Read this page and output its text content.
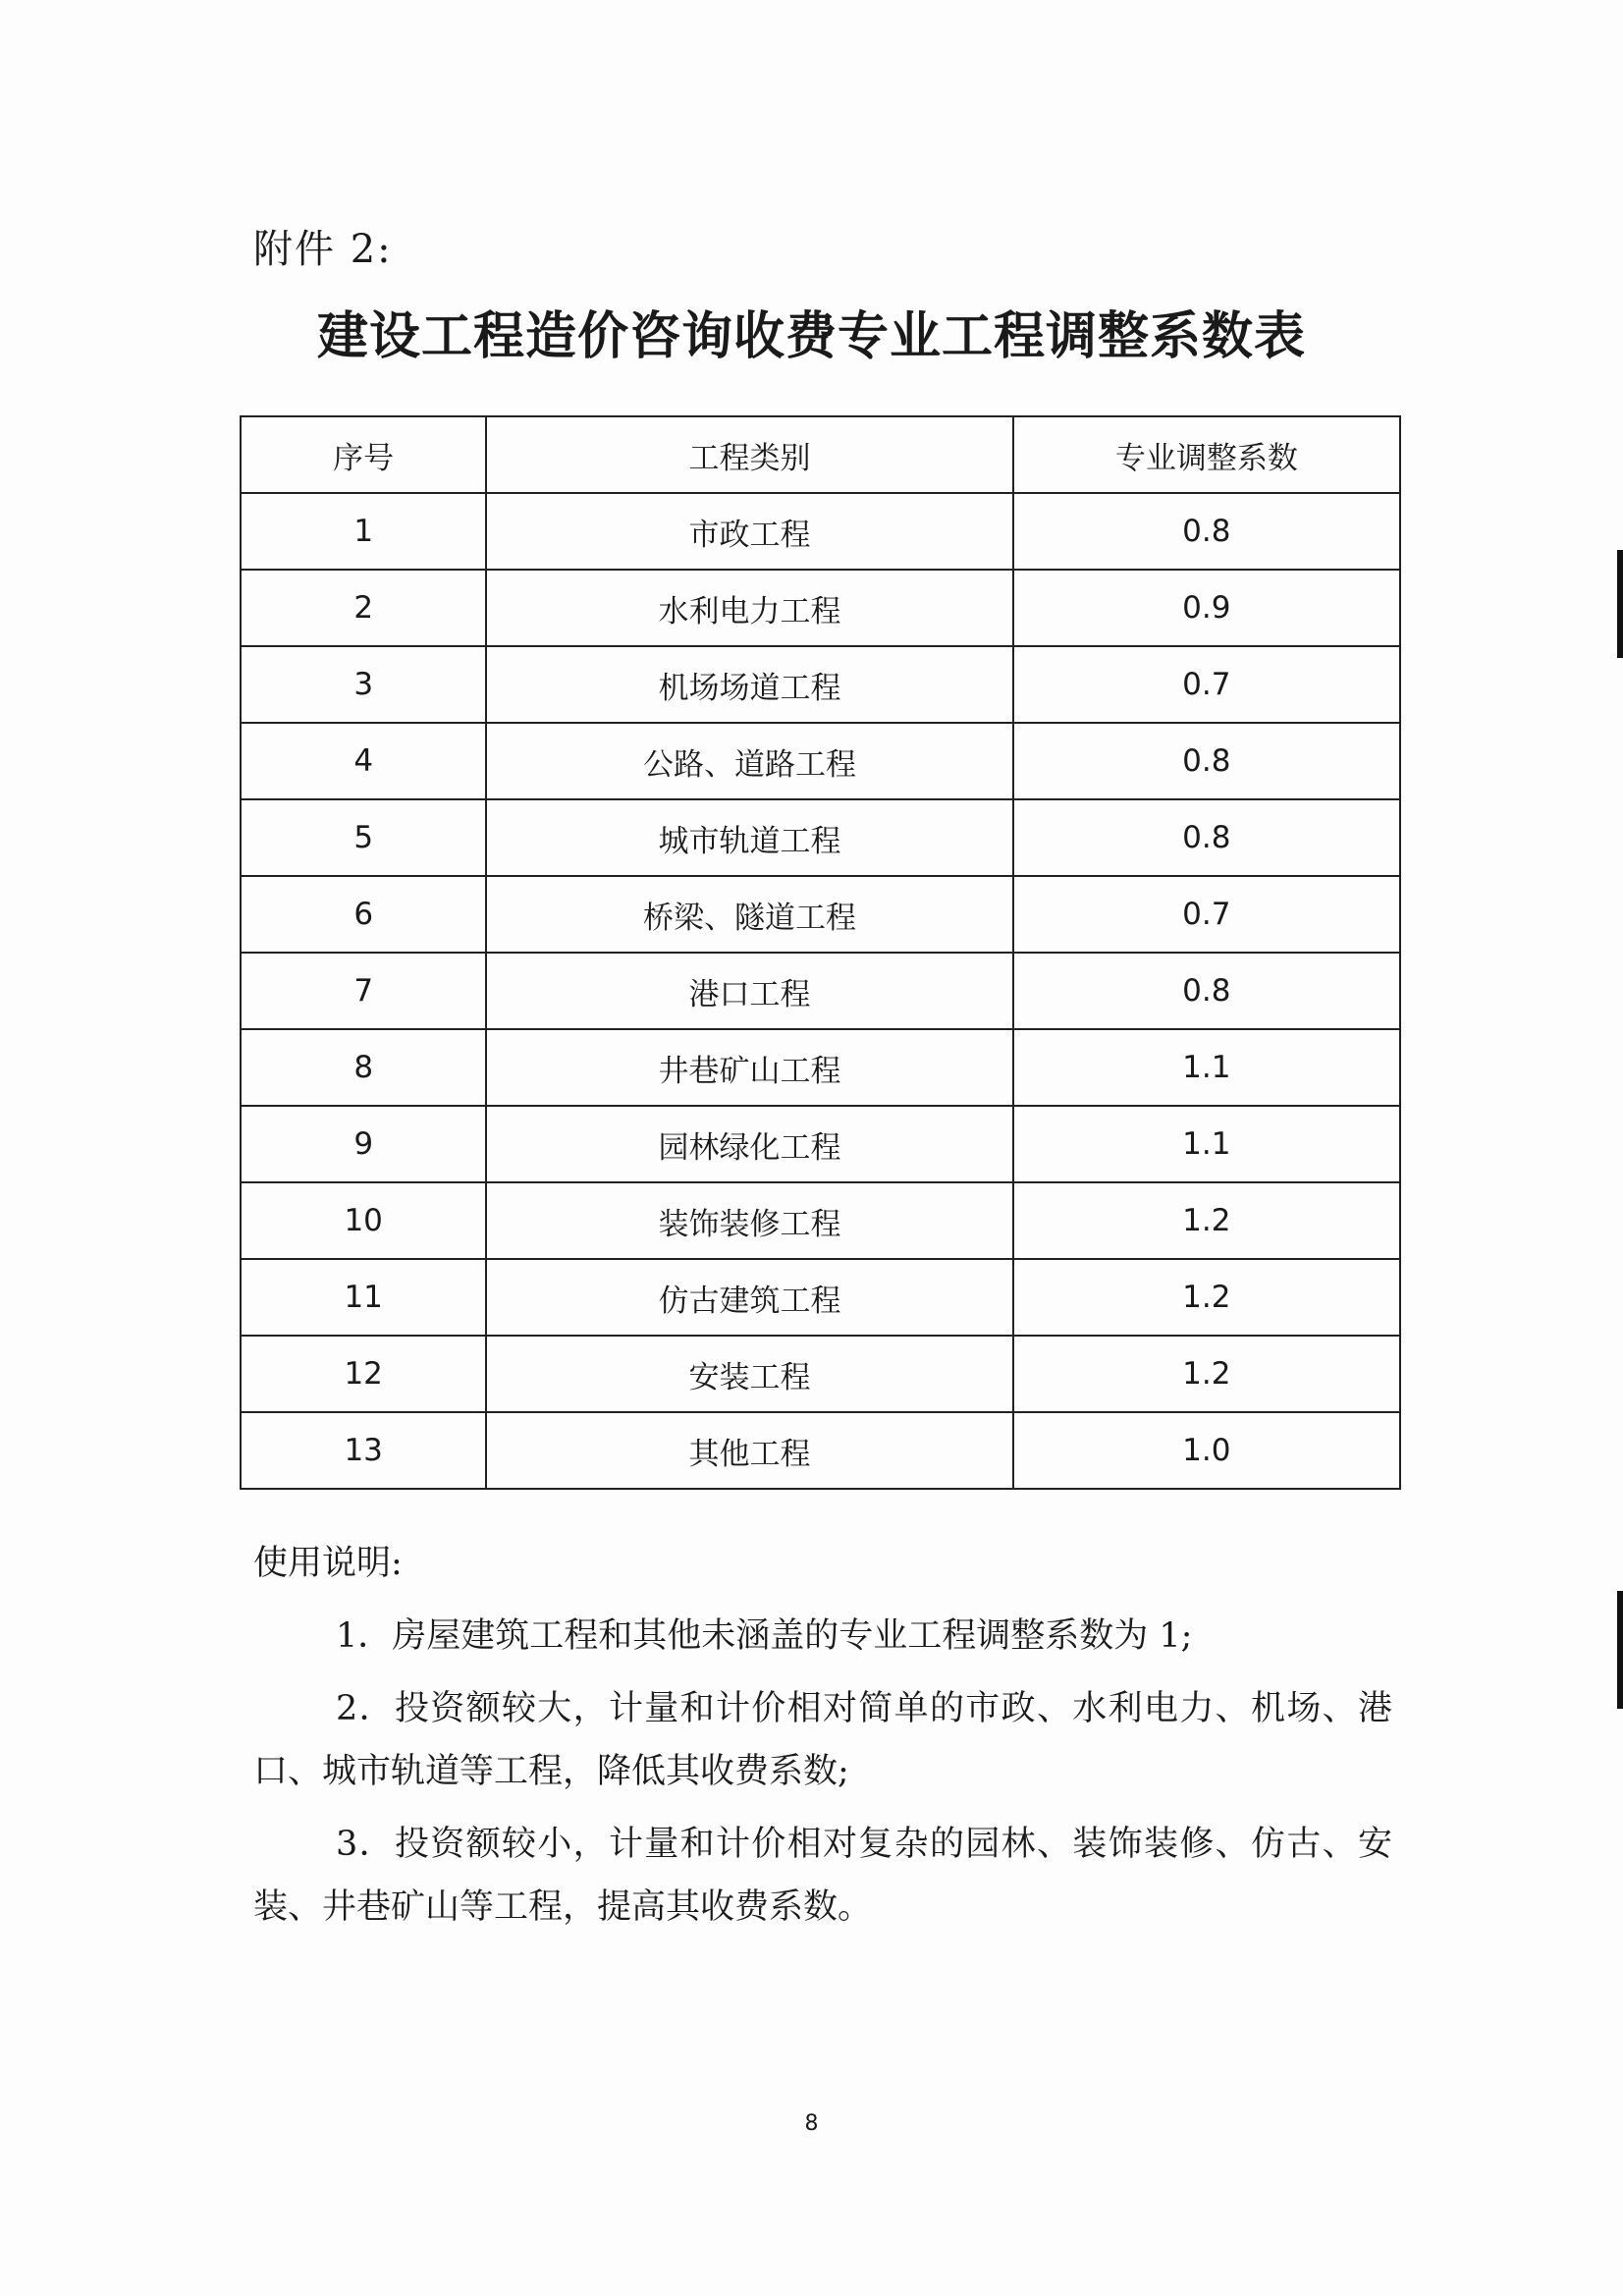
附件 2:
建设工程造价咨询收费专业工程调整系数表
序号	工程类别	专业调整系数
1	市政工程	0.8
2	水利电力工程	0.9
3	机场场道工程	0.7
4	公路、道路工程	0.8
5	城市轨道工程	0.8
6	桥梁、隧道工程	0.7
7	港口工程	0.8
8	井巷矿山工程	1.1
9	园林绿化工程	1.1
10	装饰装修工程	1.2
11	仿古建筑工程	1.2
12	安装工程	1.2
13	其他工程	1.0

使用说明:

1．房屋建筑工程和其他未涵盖的专业工程调整系数为 1;

2．投资额较大，计量和计价相对简单的市政、水利电力、机场、港口、城市轨道等工程，降低其收费系数;

3．投资额较小，计量和计价相对复杂的园林、装饰装修、仿古、安装、井巷矿山等工程，提高其收费系数。

8
